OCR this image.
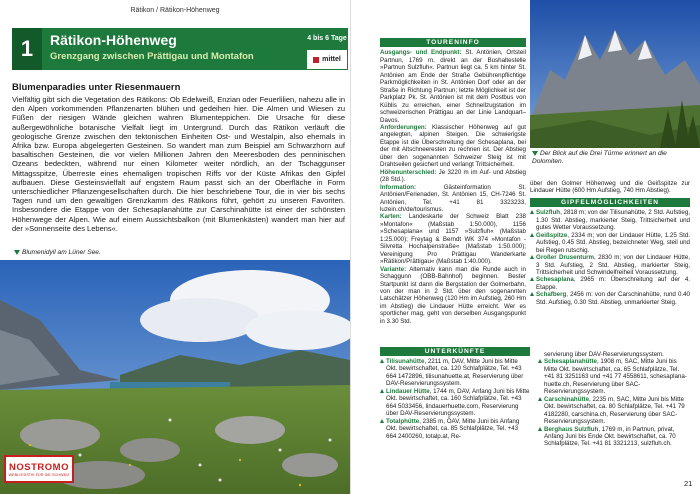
Rätikon / Rätikon-Höhenweg
1	Rätikon-Höhenweg
Grenzgang zwischen Prättigau und Montafon
4 bis 6 Tage
mittel
Blumenparadies unter Riesenmauern
Vielfältig gibt sich die Vegetation des Rätikons: Ob Edelweiß, Enzian oder Feuerlilien, nahezu alle in den Alpen vorkommenden Pflanzenarten blühen und gedeihen hier. Die Almen und Wiesen zu Füßen der riesigen Wände gleichen wahren Blumenteppichen. Die Ursache für diese außergewöhnliche botanische Vielfalt liegt im Untergrund. Durch das Rätikon verläuft die geologische Grenze zwischen den tektonischen Einheiten Ost- und Westalpin, also ehemals in Afrika bzw. Europa abgelegerten Gesteinen. So wandert man zum Beispiel am Schwarzhorn auf basaltischen Gesteinen, die vor vielen Millionen Jahren den Meeresboden des penninischen Ozeans bedeckten, während nur einen Kilometer weiter nördlich, an der Tschaggunser Mittagsspitze, Überreste eines ehemaligen tropischen Riffs vor der Küste Afrikas den Gipfel aufbauen. Diese Gesteinsvielfalt auf engstem Raum passt sich an der Oberfläche in Form unterschiedlicher Pflanzengesellschaften durch. Die hier beschriebene Tour, die in vier bis sechs Tagen rund um den gewaltigen Grenzkamm des Rätikons führt, gehört zu unseren Favoriten. Insbesondere die Etappe von der Schesaplanahütte zur Carschinahütte ist einer der schönsten Höhenwege der Alpen. Wie auf einem Aussichtsbalkon (mit Blumenkästen) wandert man hier auf der »Sonnenseite des Lebens«.
Blumenidyll am Lüner See.
NOSTROMO
WEBLOGISTIK FÜR DIE SCHWEIZ
Der Blick auf die Drei Türme erinnert an die Dolomiten.
TOURENINFO
Ausgangs- und Endpunkt: St. Antönien, Ortsteil Partnun, 1769 m, direkt an der Bushaltestelle »Partnun Sulzfluh«. Partnun liegt ca. 5 km hinter St. Antönien am Ende der Straße Gebührenpflichtige Parkmöglichkeiten in St. Antönien Dorf oder an der Straße in Richtung Partnun; letzte Möglichkeit ist der Parkplatz Pk. St. Antönien ist mit dem Postbus von Küblis zu erreichen, einer Schnellzugstation im schweizerischen Prättigau an der Linie Landquart–Davos.
Anforderungen: Klassischer Höhenweg auf gut angelegten, alpinen Steigen. Die schwierigste Etappe ist die Überschreitung der Schesaplana, bei der mit Altschneeresten zu rechnen ist. Der Abstieg über den sogenannten Schweizer Steig ist mit Drahtseilen gesichert und verlangt Trittsicherheit.
Höhenunterschied: Je 3220 m im Auf- und Abstieg (28 Std.).
Information: Gästeinformation St. Antönien/Ferienaden, St. Antönien 15, CH-7246 St. Antönien, Tel. +41 81 3323233, luzein.ch/de/tourismus.
Karten: Landeskarte der Schweiz Blatt 238 »Montafon« (Maßstab 1:50.000), 1156 »Schesaplana« und 1157 »Sulzfluh« (Maßstab 1:25.000); Freytag & Berndt WK 374 »Montafon - Silvretta Hochalpenstraße« (Maßstab 1:50.000); Vereinigung Pro Prättigau Wanderkarte »Rätikon/Prättigau« (Maßstab 1:40.000).
Variante: Alternativ kann man die Runde auch in Schaggunn (OBB-Bahnhof) beginnen. Bester Startpunkt ist dann die Bergstation der Golmerbahn, von der man in 2 Std. über den sogenannten Latschätzer Höhenweg (120 Hm im Aufstieg, 260 Hm im Abstieg) die Lindauer Hütte erreicht. Wer es sportlicher mag, geht von derselben Ausgangspunkt in 3.30 Std.
über den Golmer Höhenweg und die Geißspitze zur Lindauer Hütte (600 Hm Aufstieg, 740 Hm Abstieg).
GIPFELMÖGLICHKEITEN
Sulzfluh, 2818 m; von der Tilisunahütte, 2 Std. Aufstieg, 1.30 Std. Abstieg, markierter Steig, Trittsicherheit und gutes Wetter Voraussetzung.
Geißspitze, 2334 m; von der Lindauer Hütte, 1.25 Std. Aufstieg, 0.45 Std. Abstieg, bezeichneter Weg, steil und bei Regen rutschig.
Großer Drusenturm, 2830 m; von der Lindauer Hütte, 3 Std. Aufstieg, 2 Std. Abstieg, markierter Steig, Trittsicherheit und Schwindelfreiheit Voraussetzung.
Schesaplana, 2965 m: Überschreitung auf der 4. Etappe.
Schafberg, 2456 m: von der Carschinahütte, rund 0.40 Std. Aufstieg, 0.30 Std. Abstieg, unmarkierter Steig.
UNTERKÜNFTE
Tilisunahütte, 2211 m, DAV, Mitte Juni bis Mitte Okt. bewirtschaftet, ca. 120 Schlafplätze, Tel. +43 664 1472896, tilisunahuette.at, Reservierung über DAV-Reservierungssystem.
Lindauer Hütte, 1744 m, DAV, Anfang Juni bis Mitte Okt. bewirtschaftet, ca. 160 Schlafplätze, Tel. +43 664 5033456, lindauerhuette.com, Reservierung über DAV-Reservierungssystem.
Totalphütte, 2385 m, ÖAV, Mitte Juni bis Anfang Okt. bewirtschaftet, ca. 85 Schlafplätze, Tel. +43 664 2400260, totalp.at, Re-
servierung über DAV-Reservierungssystem.
Schesaplanahütte, 1908 m, SAC, Mitte Juni bis Mitte Okt. bewirtschaftet, ca. 65 Schlafplätze, Tel. +41 81 3251163 und +41 77 4558611, schesaplana-huette.ch, Reservierung über SAC-Reservierungssystem.
Carschinahütte, 2235 m, SAC, Mitte Juni bis Mitte Okt. bewirtschaftet, ca. 80 Schlafplätze, Tel. +41 79 4182280, carschina.ch, Reservierung über SAC-Reservierungssystem.
Berghaus Sulzfluh, 1769 m, in Partnun, privat, Anfang Juni bis Ende Okt. bewirtschaftet, ca. 70 Schlafplätze, Tel. +41 81 3321213, sulzfluh.ch.
21
